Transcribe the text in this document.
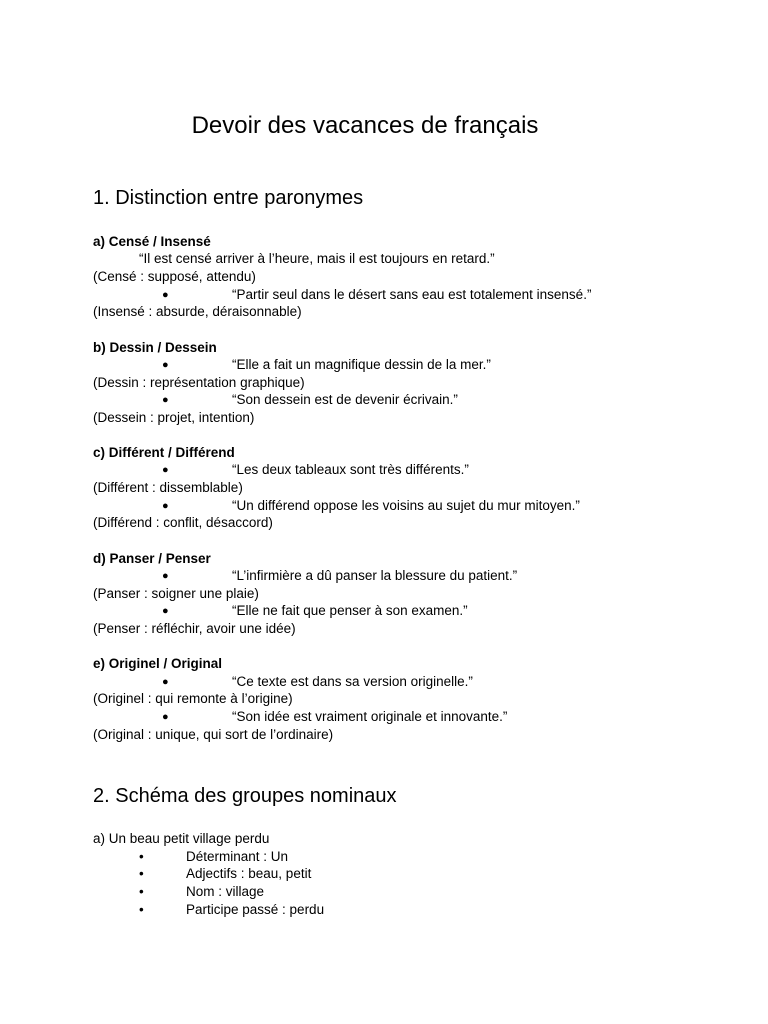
Devoir des vacances de français
1. Distinction entre paronymes
a) Censé / Insensé
“Il est censé arriver à l’heure, mais il est toujours en retard.”
(Censé : supposé, attendu)
●	“Partir seul dans le désert sans eau est totalement insensé.”
(Insensé : absurde, déraisonnable)
b) Dessin / Dessein
●	“Elle a fait un magnifique dessin de la mer.”
(Dessin : représentation graphique)
●	“Son dessein est de devenir écrivain.”
(Dessein : projet, intention)
c) Différent / Différend
●	“Les deux tableaux sont très différents.”
(Différent : dissemblable)
●	“Un différend oppose les voisins au sujet du mur mitoyen.”
(Différend : conflit, désaccord)
d) Panser / Penser
●	“L’infirmière a dû panser la blessure du patient.”
(Panser : soigner une plaie)
●	“Elle ne fait que penser à son examen.”
(Penser : réfléchir, avoir une idée)
e) Originel / Original
●	“Ce texte est dans sa version originelle.”
(Originel : qui remonte à l’origine)
●	“Son idée est vraiment originale et innovante.”
(Original : unique, qui sort de l’ordinaire)
2. Schéma des groupes nominaux
a) Un beau petit village perdu
•	Déterminant : Un
•	Adjectifs : beau, petit
•	Nom : village
•	Participe passé : perdu
